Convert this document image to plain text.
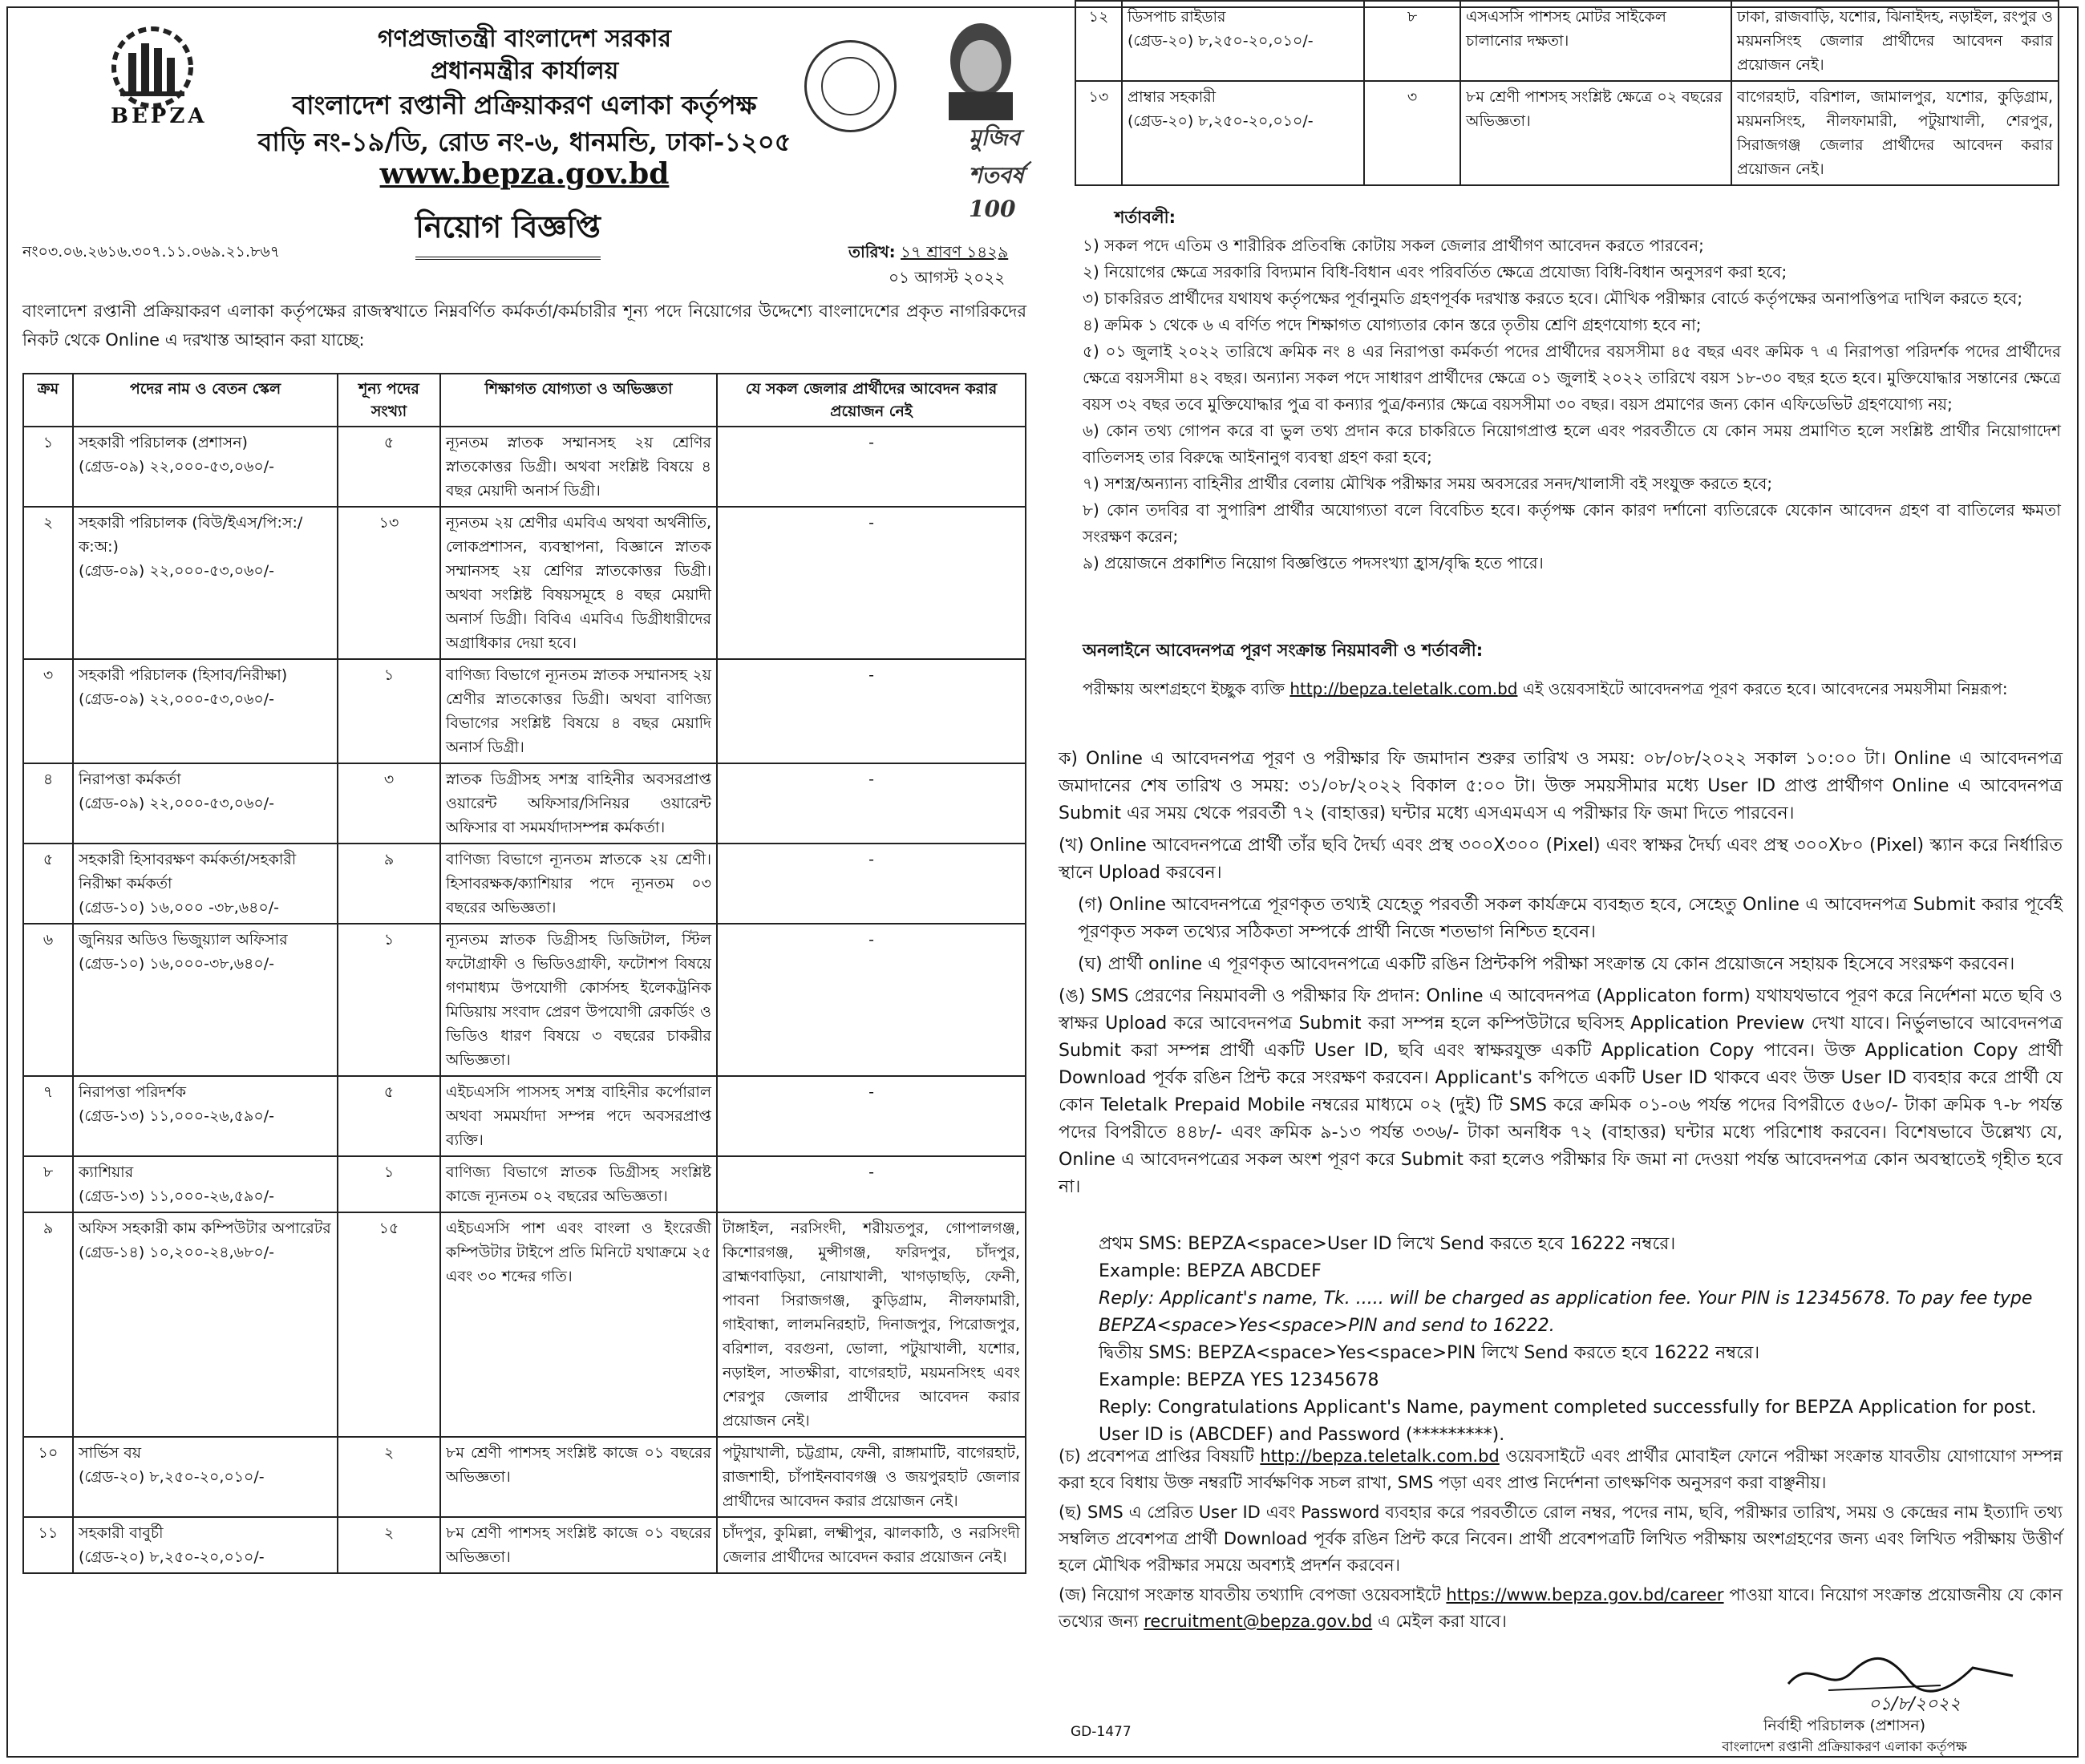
BEPZA
গণপ্রজাতন্ত্রী বাংলাদেশ সরকার
প্রধানমন্ত্রীর কার্যালয়
বাংলাদেশ রপ্তানী প্রক্রিয়াকরণ এলাকা কর্তৃপক্ষ
বাড়ি নং-১৯/ডি, রোড নং-৬, ধানমন্ডি, ঢাকা-১২০৫
www.bepza.gov.bd
মুজিব শতবর্ষ 100
নিয়োগ বিজ্ঞপ্তি
নং০৩.০৬.২৬১৬.৩০৭.১১.০৬৯.২১.৮৬৭	তারিখ: ১৭ শ্রাবণ ১৪২৯
০১ আগস্ট ২০২২
বাংলাদেশ রপ্তানী প্রক্রিয়াকরণ এলাকা কর্তৃপক্ষের রাজস্বখাতে নিম্নবর্ণিত কর্মকর্তা/কর্মচারীর শূন্য পদে নিয়োগের উদ্দেশ্যে বাংলাদেশের প্রকৃত নাগরিকদের নিকট থেকে Online এ দরখাস্ত আহ্বান করা যাচ্ছে:
ক্রম	পদের নাম ও বেতন স্কেল	শূন্য পদের সংখ্যা	শিক্ষাগত যোগ্যতা ও অভিজ্ঞতা	যে সকল জেলার প্রার্থীদের আবেদন করার প্রয়োজন নেই
১	সহকারী পরিচালক (প্রশাসন)
(গ্রেড-০৯) ২২,০০০-৫৩,০৬০/-	৫	ন্যূনতম স্নাতক সম্মানসহ ২য় শ্রেণির স্নাতকোত্তর ডিগ্রী। অথবা সংশ্লিষ্ট বিষয়ে ৪ বছর মেয়াদী অনার্স ডিগ্রী।	-
২	সহকারী পরিচালক (বিউ/ইএস/পি:স:/ক:অ:)
(গ্রেড-০৯) ২২,০০০-৫৩,০৬০/-	১৩	ন্যূনতম ২য় শ্রেণীর এমবিএ অথবা অর্থনীতি, লোকপ্রশাসন, ব্যবস্থাপনা, বিজ্ঞানে স্নাতক সম্মানসহ ২য় শ্রেণির স্নাতকোত্তর ডিগ্রী। অথবা সংশ্লিষ্ট বিষয়সমূহে ৪ বছর মেয়াদী অনার্স ডিগ্রী। বিবিএ এমবিএ ডিগ্রীধারীদের অগ্রাধিকার দেয়া হবে।	-
৩	সহকারী পরিচালক (হিসাব/নিরীক্ষা)
(গ্রেড-০৯) ২২,০০০-৫৩,০৬০/-	১	বাণিজ্য বিভাগে ন্যূনতম স্নাতক সম্মানসহ ২য় শ্রেণীর স্নাতকোত্তর ডিগ্রী। অথবা বাণিজ্য বিভাগের সংশ্লিষ্ট বিষয়ে ৪ বছর মেয়াদি অনার্স ডিগ্রী।	-
৪	নিরাপত্তা কর্মকর্তা
(গ্রেড-০৯) ২২,০০০-৫৩,০৬০/-	৩	স্নাতক ডিগ্রীসহ সশস্ত্র বাহিনীর অবসরপ্রাপ্ত ওয়ারেন্ট অফিসার/সিনিয়র ওয়ারেন্ট অফিসার বা সমমর্যাদাসম্পন্ন কর্মকর্তা।	-
৫	সহকারী হিসাবরক্ষণ কর্মকর্তা/সহকারী নিরীক্ষা কর্মকর্তা
(গ্রেড-১০) ১৬,০০০ -৩৮,৬৪০/-	৯	বাণিজ্য বিভাগে ন্যূনতম স্নাতকে ২য় শ্রেণী। হিসাবরক্ষক/ক্যাশিয়ার পদে ন্যূনতম ০৩ বছরের অভিজ্ঞতা।	-
৬	জুনিয়র অডিও ভিজুয়্যাল অফিসার
(গ্রেড-১০) ১৬,০০০-৩৮,৬৪০/-	১	ন্যূনতম স্নাতক ডিগ্রীসহ ডিজিটাল, স্টিল ফটোগ্রাফী ও ভিডিওগ্রাফী, ফটোশপ বিষয়ে গণমাধ্যম উপযোগী কোর্সসহ ইলেকট্রনিক মিডিয়ায় সংবাদ প্রেরণ উপযোগী রেকর্ডিং ও ভিডিও ধারণ বিষয়ে ৩ বছরের চাকরীর অভিজ্ঞতা।	-
৭	নিরাপত্তা পরিদর্শক
(গ্রেড-১৩) ১১,০০০-২৬,৫৯০/-	৫	এইচএসসি পাসসহ সশস্ত্র বাহিনীর কর্পোরাল অথবা সমমর্যাদা সম্পন্ন পদে অবসরপ্রাপ্ত ব্যক্তি।	-
৮	ক্যাশিয়ার
(গ্রেড-১৩) ১১,০০০-২৬,৫৯০/-	১	বাণিজ্য বিভাগে স্নাতক ডিগ্রীসহ সংশ্লিষ্ট কাজে ন্যূনতম ০২ বছরের অভিজ্ঞতা।	-
৯	অফিস সহকারী কাম কম্পিউটার অপারেটর
(গ্রেড-১৪) ১০,২০০-২৪,৬৮০/-	১৫	এইচএসসি পাশ এবং বাংলা ও ইংরেজী কম্পিউটার টাইপে প্রতি মিনিটে যথাক্রমে ২৫ এবং ৩০ শব্দের গতি।	টাঙ্গাইল, নরসিংদী, শরীয়তপুর, গোপালগঞ্জ, কিশোরগঞ্জ, মুন্সীগঞ্জ, ফরিদপুর, চাঁদপুর, ব্রাহ্মণবাড়িয়া, নোয়াখালী, খাগড়াছড়ি, ফেনী, পাবনা সিরাজগঞ্জ, কুড়িগ্রাম, নীলফামারী, গাইবান্ধা, লালমনিরহাট, দিনাজপুর, পিরোজপুর, বরিশাল, বরগুনা, ভোলা, পটুয়াখালী, যশোর, নড়াইল, সাতক্ষীরা, বাগেরহাট, ময়মনসিংহ এবং শেরপুর জেলার প্রার্থীদের আবেদন করার প্রয়োজন নেই।
১০	সার্ভিস বয়
(গ্রেড-২০) ৮,২৫০-২০,০১০/-	২	৮ম শ্রেণী পাশসহ সংশ্লিষ্ট কাজে ০১ বছরের অভিজ্ঞতা।	পটুয়াখালী, চট্টগ্রাম, ফেনী, রাঙ্গামাটি, বাগেরহাট, রাজশাহী, চাঁপাইনবাবগঞ্জ ও জয়পুরহাট জেলার প্রার্থীদের আবেদন করার প্রয়োজন নেই।
১১	সহকারী বাবুর্চী
(গ্রেড-২০) ৮,২৫০-২০,০১০/-	২	৮ম শ্রেণী পাশসহ সংশ্লিষ্ট কাজে ০১ বছরের অভিজ্ঞতা।	চাঁদপুর, কুমিল্লা, লক্ষ্মীপুর, ঝালকাঠি, ও নরসিংদী জেলার প্রার্থীদের আবেদন করার প্রয়োজন নেই।
১২	ডিসপাচ রাইডার
(গ্রেড-২০) ৮,২৫০-২০,০১০/-	৮	এসএসসি পাশসহ মোটর সাইকেল চালানোর দক্ষতা।	ঢাকা, রাজবাড়ি, যশোর, ঝিনাইদহ, নড়াইল, রংপুর ও ময়মনসিংহ জেলার প্রার্থীদের আবেদন করার প্রয়োজন নেই।
১৩	প্রাম্বার সহকারী
(গ্রেড-২০) ৮,২৫০-২০,০১০/-	৩	৮ম শ্রেণী পাশসহ সংশ্লিষ্ট ক্ষেত্রে ০২ বছরের অভিজ্ঞতা।	বাগেরহাট, বরিশাল, জামালপুর, যশোর, কুড়িগ্রাম, ময়মনসিংহ, নীলফামারী, পটুয়াখালী, শেরপুর, সিরাজগঞ্জ জেলার প্রার্থীদের আবেদন করার প্রয়োজন নেই।
শর্তাবলী:

১) সকল পদে এতিম ও শারীরিক প্রতিবন্ধি কোটায় সকল জেলার প্রার্থীগণ আবেদন করতে পারবেন;

২) নিয়োগের ক্ষেত্রে সরকারি বিদ্যমান বিধি-বিধান এবং পরিবর্তিত ক্ষেত্রে প্রযোজ্য বিধি-বিধান অনুসরণ করা হবে;

৩) চাকরিরত প্রার্থীদের যথাযথ কর্তৃপক্ষের পূর্বানুমতি গ্রহণপূর্বক দরখাস্ত করতে হবে। মৌখিক পরীক্ষার বোর্ডে কর্তৃপক্ষের অনাপত্তিপত্র দাখিল করতে হবে;

৪) ক্রমিক ১ থেকে ৬ এ বর্ণিত পদে শিক্ষাগত যোগ্যতার কোন স্তরে তৃতীয় শ্রেণি গ্রহণযোগ্য হবে না;

৫) ০১ জুলাই ২০২২ তারিখে ক্রমিক নং ৪ এর নিরাপত্তা কর্মকর্তা পদের প্রার্থীদের বয়সসীমা ৪৫ বছর এবং ক্রমিক ৭ এ নিরাপত্তা পরিদর্শক পদের প্রার্থীদের ক্ষেত্রে বয়সসীমা ৪২ বছর। অন্যান্য সকল পদে সাধারণ প্রার্থীদের ক্ষেত্রে ০১ জুলাই ২০২২ তারিখে বয়স ১৮-৩০ বছর হতে হবে। মুক্তিযোদ্ধার সন্তানের ক্ষেত্রে বয়স ৩২ বছর তবে মুক্তিযোদ্ধার পুত্র বা কন্যার পুত্র/কন্যার ক্ষেত্রে বয়সসীমা ৩০ বছর। বয়স প্রমাণের জন্য কোন এফিডেভিট গ্রহণযোগ্য নয়;

৬) কোন তথ্য গোপন করে বা ভুল তথ্য প্রদান করে চাকরিতে নিয়োগপ্রাপ্ত হলে এবং পরবর্তীতে যে কোন সময় প্রমাণিত হলে সংশ্লিষ্ট প্রার্থীর নিয়োগাদেশ বাতিলসহ তার বিরুদ্ধে আইনানুগ ব্যবস্থা গ্রহণ করা হবে;

৭) সশস্ত্র/অন্যান্য বাহিনীর প্রার্থীর বেলায় মৌখিক পরীক্ষার সময় অবসরের সনদ/খালাসী বই সংযুক্ত করতে হবে;

৮) কোন তদবির বা সুপারিশ প্রার্থীর অযোগ্যতা বলে বিবেচিত হবে। কর্তৃপক্ষ কোন কারণ দর্শানো ব্যতিরেকে যেকোন আবেদন গ্রহণ বা বাতিলের ক্ষমতা সংরক্ষণ করেন;

৯) প্রয়োজনে প্রকাশিত নিয়োগ বিজ্ঞপ্তিতে পদসংখ্যা হ্রাস/বৃদ্ধি হতে পারে।

অনলাইনে আবেদনপত্র পূরণ সংক্রান্ত নিয়মাবলী ও শর্তাবলী:
পরীক্ষায় অংশগ্রহণে ইচ্ছুক ব্যক্তি http://bepza.teletalk.com.bd এই ওয়েবসাইটে আবেদনপত্র পূরণ করতে হবে। আবেদনের সময়সীমা নিম্নরূপ:

ক) Online এ আবেদনপত্র পূরণ ও পরীক্ষার ফি জমাদান শুরুর তারিখ ও সময়: ০৮/০৮/২০২২ সকাল ১০:০০ টা। Online এ আবেদনপত্র জমাদানের শেষ তারিখ ও সময়: ৩১/০৮/২০২২ বিকাল ৫:০০ টা। উক্ত সময়সীমার মধ্যে User ID প্রাপ্ত প্রার্থীগণ Online এ আবেদনপত্র Submit এর সময় থেকে পরবর্তী ৭২ (বাহাত্তর) ঘন্টার মধ্যে এসএমএস এ পরীক্ষার ফি জমা দিতে পারবেন।

(খ) Online আবেদনপত্রে প্রার্থী তাঁর ছবি দৈর্ঘ্য এবং প্রস্থ ৩০০X৩০০ (Pixel) এবং স্বাক্ষর দৈর্ঘ্য এবং প্রস্থ ৩০০X৮০ (Pixel) স্ক্যান করে নির্ধারিত স্থানে Upload করবেন।

(গ) Online আবেদনপত্রে পূরণকৃত তথ্যই যেহেতু পরবর্তী সকল কার্যক্রমে ব্যবহৃত হবে, সেহেতু Online এ আবেদনপত্র Submit করার পূর্বেই পূরণকৃত সকল তথ্যের সঠিকতা সম্পর্কে প্রার্থী নিজে শতভাগ নিশ্চিত হবেন।

(ঘ) প্রার্থী online এ পূরণকৃত আবেদনপত্রে একটি রঙিন প্রিন্টকপি পরীক্ষা সংক্রান্ত যে কোন প্রয়োজনে সহায়ক হিসেবে সংরক্ষণ করবেন।

(ঙ) SMS প্রেরণের নিয়মাবলী ও পরীক্ষার ফি প্রদান: Online এ আবেদনপত্র (Applicaton form) যথাযথভাবে পূরণ করে নির্দেশনা মতে ছবি ও স্বাক্ষর Upload করে আবেদনপত্র Submit করা সম্পন্ন হলে কম্পিউটারে ছবিসহ Application Preview দেখা যাবে। নির্ভুলভাবে আবেদনপত্র Submit করা সম্পন্ন প্রার্থী একটি User ID, ছবি এবং স্বাক্ষরযুক্ত একটি Application Copy পাবেন। উক্ত Application Copy প্রার্থী Download পূর্বক রঙিন প্রিন্ট করে সংরক্ষণ করবেন। Applicant's কপিতে একটি User ID থাকবে এবং উক্ত User ID ব্যবহার করে প্রার্থী যে কোন Teletalk Prepaid Mobile নম্বরের মাধ্যমে ০২ (দুই) টি SMS করে ক্রমিক ০১-০৬ পর্যন্ত পদের বিপরীতে ৫৬০/- টাকা ক্রমিক ৭-৮ পর্যন্ত পদের বিপরীতে ৪৪৮/- এবং ক্রমিক ৯-১৩ পর্যন্ত ৩৩৬/- টাকা অনধিক ৭২ (বাহাত্তর) ঘন্টার মধ্যে পরিশোধ করবেন। বিশেষভাবে উল্লেখ্য যে, Online এ আবেদনপত্রের সকল অংশ পূরণ করে Submit করা হলেও পরীক্ষার ফি জমা না দেওয়া পর্যন্ত আবেদনপত্র কোন অবস্থাতেই গৃহীত হবে না।

প্রথম SMS: BEPZA<space>User ID লিখে Send করতে হবে 16222 নম্বরে।
Example: BEPZA ABCDEF
Reply: Applicant's name, Tk. ..... will be charged as application fee. Your PIN is 12345678. To pay fee type BEPZA<space>Yes<space>PIN and send to 16222.
দ্বিতীয় SMS: BEPZA<space>Yes<space>PIN লিখে Send করতে হবে 16222 নম্বরে।
Example: BEPZA YES 12345678
Reply: Congratulations Applicant's Name, payment completed successfully for BEPZA Application for post. User ID is (ABCDEF) and Password (*********).

(চ) প্রবেশপত্র প্রাপ্তির বিষয়টি http://bepza.teletalk.com.bd ওয়েবসাইটে এবং প্রার্থীর মোবাইল ফোনে পরীক্ষা সংক্রান্ত যাবতীয় যোগাযোগ সম্পন্ন করা হবে বিধায় উক্ত নম্বরটি সার্বক্ষণিক সচল রাখা, SMS পড়া এবং প্রাপ্ত নির্দেশনা তাৎক্ষণিক অনুসরণ করা বাঞ্ছনীয়।

(ছ) SMS এ প্রেরিত User ID এবং Password ব্যবহার করে পরবর্তীতে রোল নম্বর, পদের নাম, ছবি, পরীক্ষার তারিখ, সময় ও কেন্দ্রের নাম ইত্যাদি তথ্য সম্বলিত প্রবেশপত্র প্রার্থী Download পূর্বক রঙিন প্রিন্ট করে নিবেন। প্রার্থী প্রবেশপত্রটি লিখিত পরীক্ষায় অংশগ্রহণের জন্য এবং লিখিত পরীক্ষায় উত্তীর্ণ হলে মৌখিক পরীক্ষার সময়ে অবশ্যই প্রদর্শন করবেন।

(জ) নিয়োগ সংক্রান্ত যাবতীয় তথ্যাদি বেপজা ওয়েবসাইটে https://www.bepza.gov.bd/career পাওয়া যাবে। নিয়োগ সংক্রান্ত প্রয়োজনীয় যে কোন তথ্যের জন্য recruitment@bepza.gov.bd এ মেইল করা যাবে।

০১/৮/২০২২
নির্বাহী পরিচালক (প্রশাসন)
বাংলাদেশ রপ্তানী প্রক্রিয়াকরণ এলাকা কর্তৃপক্ষ
GD-1477
